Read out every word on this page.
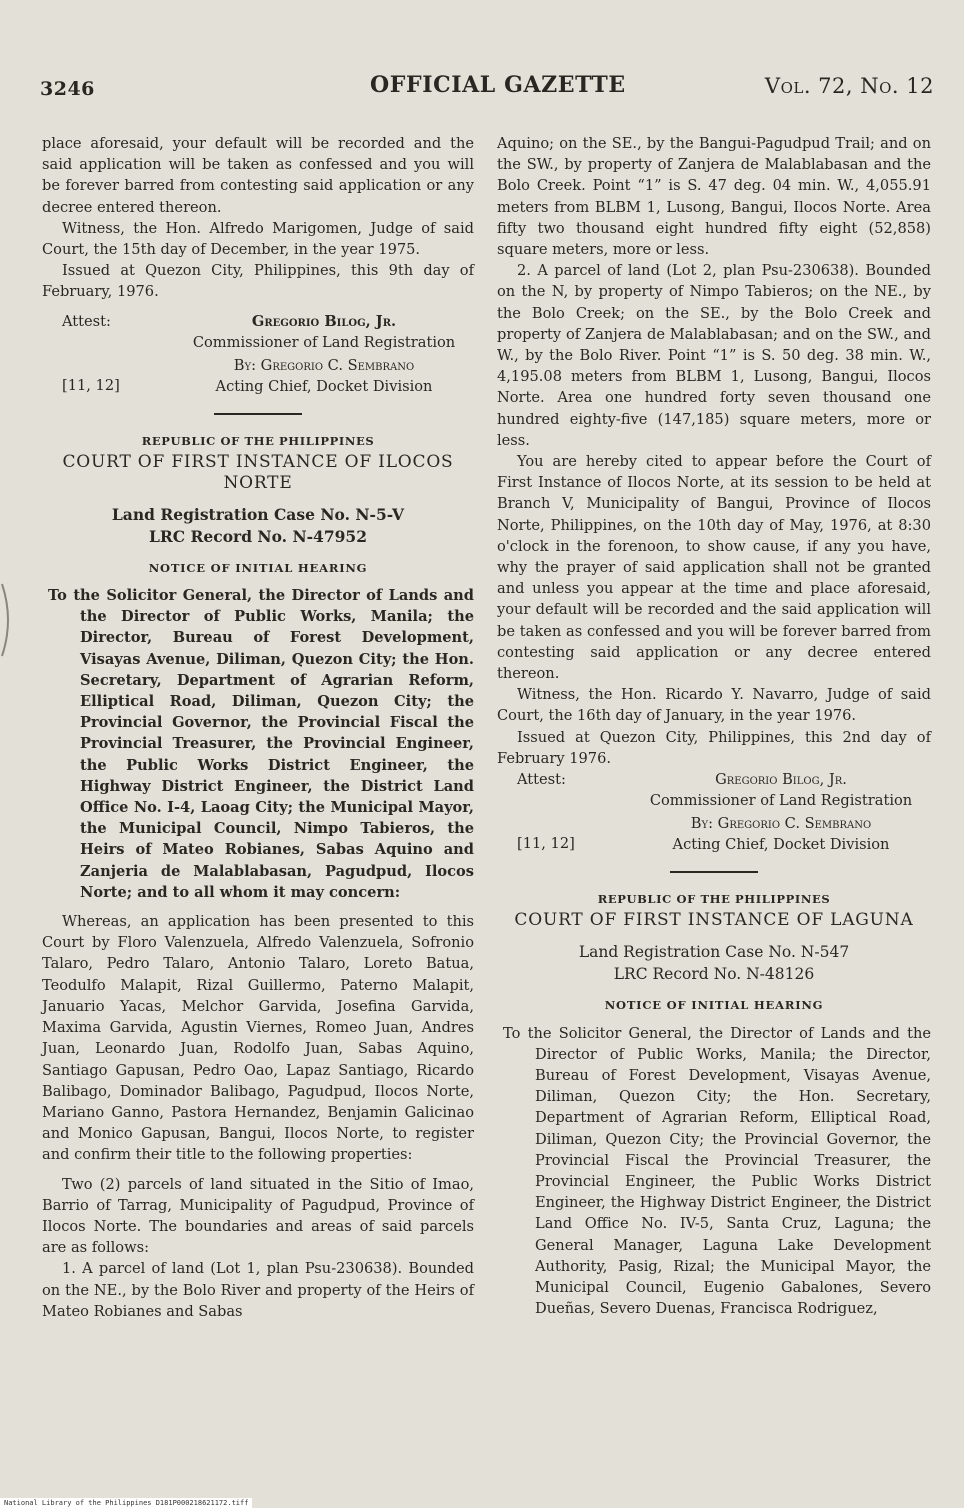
3246	OFFICIAL GAZETTE	Vol. 72, No. 12

place aforesaid, your default will be recorded and the said application will be taken as confessed and you will be forever barred from contesting said application or any decree entered thereon.

Witness, the Hon. Alfredo Marigomen, Judge of said Court, the 15th day of December, in the year 1975.

Issued at Quezon City, Philippines, this 9th day of February, 1976.

Attest:	Gregorio Bilog, Jr.
Commissioner of Land Registration
[11, 12]
By: Gregorio C. Sembrano
Acting Chief, Docket Division
REPUBLIC OF THE PHILIPPINES
COURT OF FIRST INSTANCE OF ILOCOS NORTE
Land Registration Case No. N-5-V
LRC Record No. N-47952
NOTICE OF INITIAL HEARING

To the Solicitor General, the Director of Lands and the Director of Public Works, Manila; the Director, Bureau of Forest Development, Visayas Avenue, Diliman, Quezon City; the Hon. Secretary, Department of Agrarian Reform, Elliptical Road, Diliman, Quezon City; the Provincial Governor, the Provincial Fiscal the Provincial Treasurer, the Provincial Engineer, the Public Works District Engineer, the Highway District Engineer, the District Land Office No. I-4, Laoag City; the Municipal Mayor, the Municipal Council, Nimpo Tabieros, the Heirs of Mateo Robianes, Sabas Aquino and Zanjeria de Malablabasan, Pagudpud, Ilocos Norte; and to all whom it may concern:

Whereas, an application has been presented to this Court by Floro Valenzuela, Alfredo Valenzuela, Sofronio Talaro, Pedro Talaro, Antonio Talaro, Loreto Batua, Teodulfo Malapit, Rizal Guillermo, Paterno Malapit, Januario Yacas, Melchor Garvida, Josefina Garvida, Maxima Garvida, Agustin Viernes, Romeo Juan, Andres Juan, Leonardo Juan, Rodolfo Juan, Sabas Aquino, Santiago Gapusan, Pedro Oao, Lapaz Santiago, Ricardo Balibago, Dominador Balibago, Pagudpud, Ilocos Norte, Mariano Ganno, Pastora Hernandez, Benjamin Galicinao and Monico Gapusan, Bangui, Ilocos Norte, to register and confirm their title to the following properties:

Two (2) parcels of land situated in the Sitio of Imao, Barrio of Tarrag, Municipality of Pagudpud, Province of Ilocos Norte. The boundaries and areas of said parcels are as follows:

1. A parcel of land (Lot 1, plan Psu-230638). Bounded on the NE., by the Bolo River and property of the Heirs of Mateo Robianes and Sabas

Aquino; on the SE., by the Bangui-Pagudpud Trail; and on the SW., by property of Zanjera de Malablabasan and the Bolo Creek. Point “1” is S. 47 deg. 04 min. W., 4,055.91 meters from BLBM 1, Lusong, Bangui, Ilocos Norte. Area fifty two thousand eight hundred fifty eight (52,858) square meters, more or less.

2. A parcel of land (Lot 2, plan Psu-230638). Bounded on the N, by property of Nimpo Tabieros; on the NE., by the Bolo Creek; on the SE., by the Bolo Creek and property of Zanjera de Malablabasan; and on the SW., and W., by the Bolo River. Point “1” is S. 50 deg. 38 min. W., 4,195.08 meters from BLBM 1, Lusong, Bangui, Ilocos Norte. Area one hundred forty seven thousand one hundred eighty-five (147,185) square meters, more or less.

You are hereby cited to appear before the Court of First Instance of Ilocos Norte, at its session to be held at Branch V, Municipality of Bangui, Province of Ilocos Norte, Philippines, on the 10th day of May, 1976, at 8:30 o'clock in the forenoon, to show cause, if any you have, why the prayer of said application shall not be granted and unless you appear at the time and place aforesaid, your default will be recorded and the said application will be taken as confessed and you will be forever barred from contesting said application or any decree entered thereon.

Witness, the Hon. Ricardo Y. Navarro, Judge of said Court, the 16th day of January, in the year 1976.

Issued at Quezon City, Philippines, this 2nd day of February 1976.

Attest:	Gregorio Bilog, Jr.
Commissioner of Land Registration
[11, 12]
By: Gregorio C. Sembrano
Acting Chief, Docket Division
REPUBLIC OF THE PHILIPPINES
COURT OF FIRST INSTANCE OF LAGUNA
Land Registration Case No. N-547
LRC Record No. N-48126
NOTICE OF INITIAL HEARING

To the Solicitor General, the Director of Lands and the Director of Public Works, Manila; the Director, Bureau of Forest Development, Visayas Avenue, Diliman, Quezon City; the Hon. Secretary, Department of Agrarian Reform, Elliptical Road, Diliman, Quezon City; the Provincial Governor, the Provincial Fiscal the Provincial Treasurer, the Provincial Engineer, the Public Works District Engineer, the Highway District Engineer, the District Land Office No. IV-5, Santa Cruz, Laguna; the General Manager, Laguna Lake Development Authority, Pasig, Rizal; the Municipal Mayor, the Municipal Council, Eugenio Gabalones, Severo Dueñas, Severo Duenas, Francisca Rodriguez,

National Library of the Philippines D181P000218621172.tiff
